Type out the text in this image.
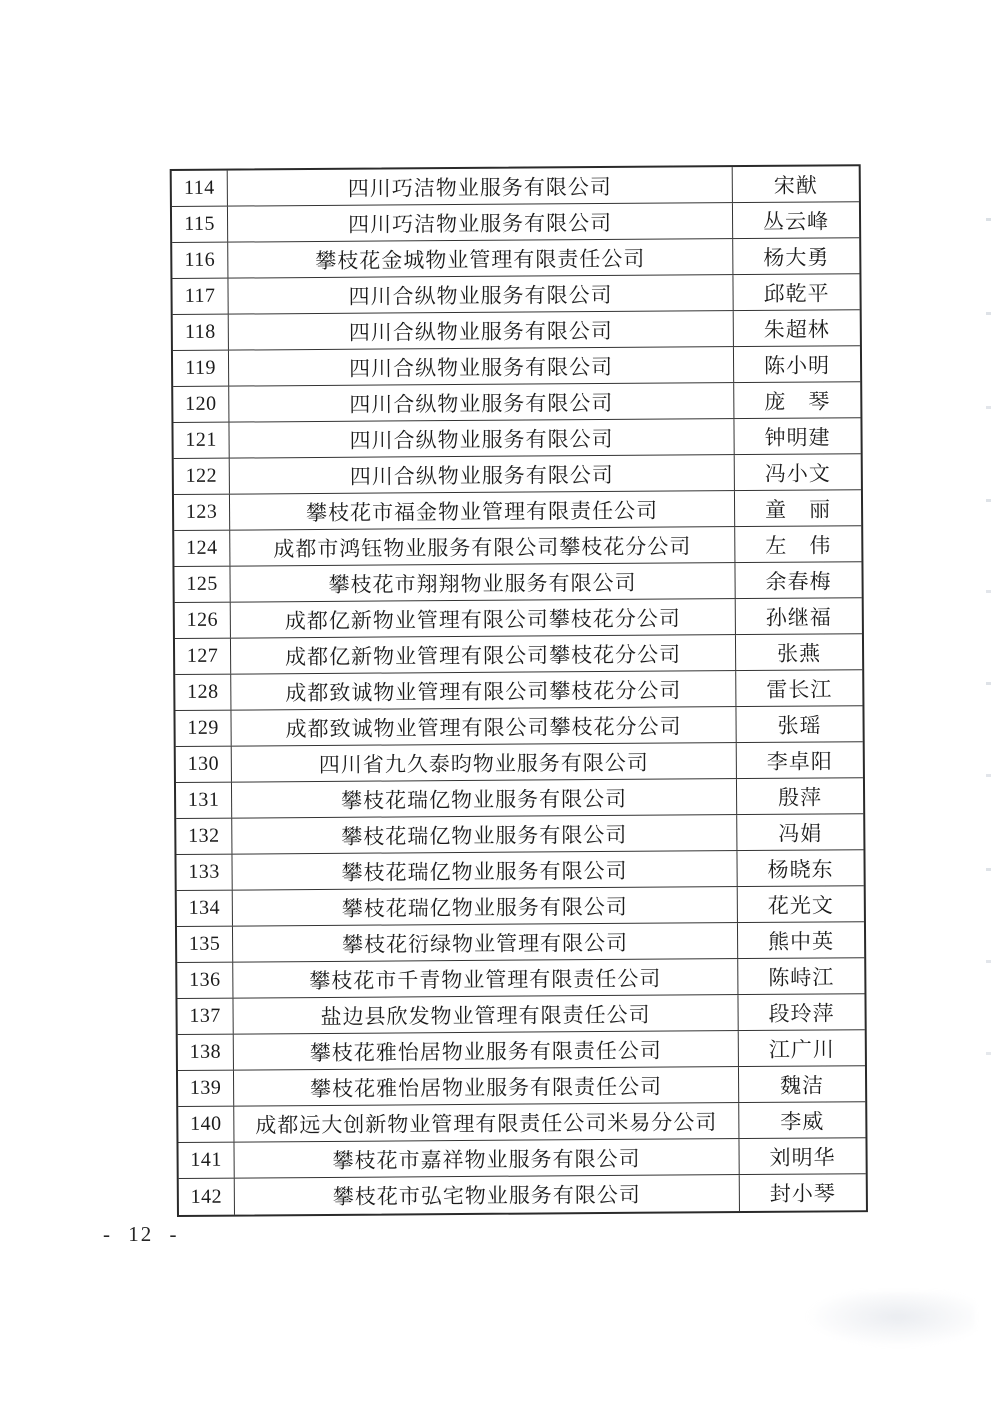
114	四川巧洁物业服务有限公司	宋猷
115	四川巧洁物业服务有限公司	丛云峰
116	攀枝花金城物业管理有限责任公司	杨大勇
117	四川合纵物业服务有限公司	邱乾平
118	四川合纵物业服务有限公司	朱超林
119	四川合纵物业服务有限公司	陈小明
120	四川合纵物业服务有限公司	庞　琴
121	四川合纵物业服务有限公司	钟明建
122	四川合纵物业服务有限公司	冯小文
123	攀枝花市福金物业管理有限责任公司	童　丽
124	成都市鸿钰物业服务有限公司攀枝花分公司	左　伟
125	攀枝花市翔翔物业服务有限公司	余春梅
126	成都亿新物业管理有限公司攀枝花分公司	孙继福
127	成都亿新物业管理有限公司攀枝花分公司	张燕
128	成都致诚物业管理有限公司攀枝花分公司	雷长江
129	成都致诚物业管理有限公司攀枝花分公司	张瑶
130	四川省九久泰昀物业服务有限公司	李卓阳
131	攀枝花瑞亿物业服务有限公司	殷萍
132	攀枝花瑞亿物业服务有限公司	冯娟
133	攀枝花瑞亿物业服务有限公司	杨晓东
134	攀枝花瑞亿物业服务有限公司	花光文
135	攀枝花衍绿物业管理有限公司	熊中英
136	攀枝花市千青物业管理有限责任公司	陈峙江
137	盐边县欣发物业管理有限责任公司	段玲萍
138	攀枝花雅怡居物业服务有限责任公司	江广川
139	攀枝花雅怡居物业服务有限责任公司	魏洁
140	成都远大创新物业管理有限责任公司米易分公司	李威
141	攀枝花市嘉祥物业服务有限公司	刘明华
142	攀枝花市弘宅物业服务有限公司	封小琴
- 12 -
